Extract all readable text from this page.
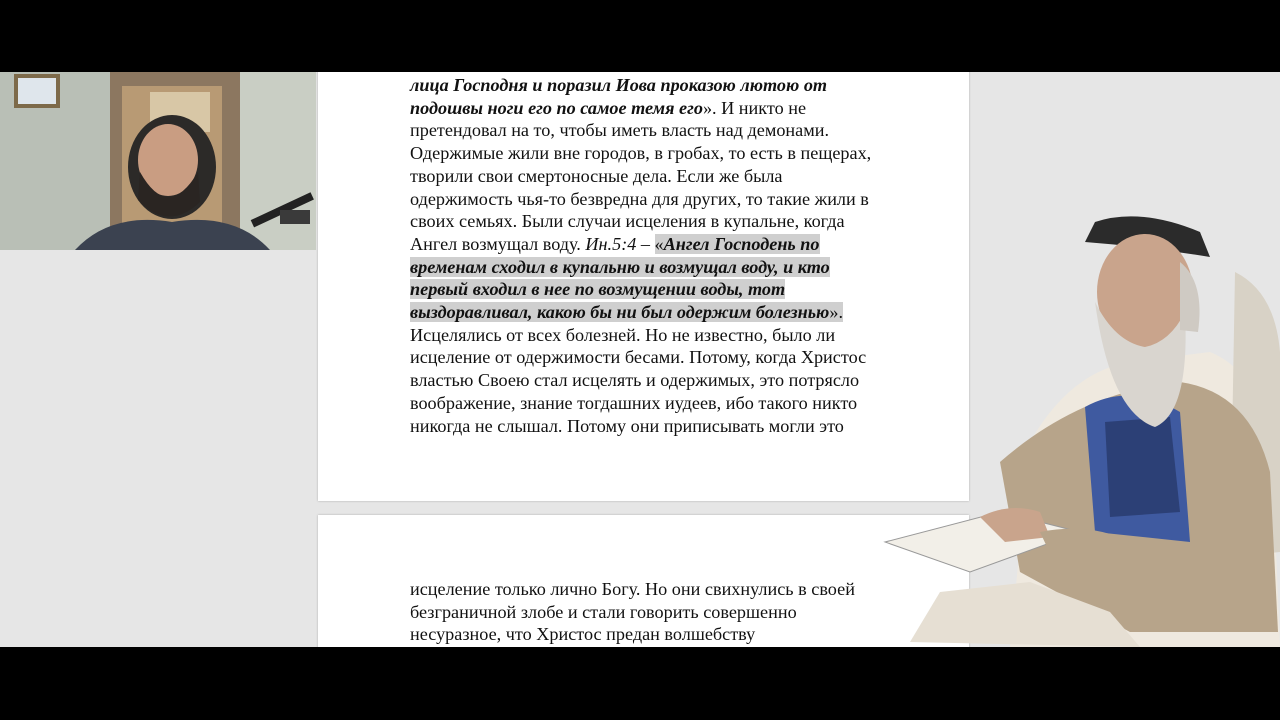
лица Господня и поразил Иова проказою лютою от
подошвы ноги его по самое темя его». И никто не
претендовал на то, чтобы иметь власть над демонами.
Одержимые жили вне городов, в гробах, то есть в пещерах,
творили свои смертоносные дела. Если же была
одержимость чья-то безвредна для других, то такие жили в
своих семьях. Были случаи исцеления в купальне, когда
Ангел возмущал воду. Ин.5:4 – «Ангел Господень по
временам сходил в купальню и возмущал воду, и кто
первый входил в нее по возмущении воды, тот
выздоравливал, какою бы ни был одержим болезнью».
Исцелялись от всех болезней. Но не известно, было ли
исцеление от одержимости бесами. Потому, когда Христос
властью Своею стал исцелять и одержимых, это потрясло
воображение, знание тогдашних иудеев, ибо такого никто
никогда не слышал. Потому они приписывать могли это
исцеление только лично Богу. Но они свихнулись в своей
безграничной злобе и стали говорить совершенно
несуразное, что Христос предан волшебству
